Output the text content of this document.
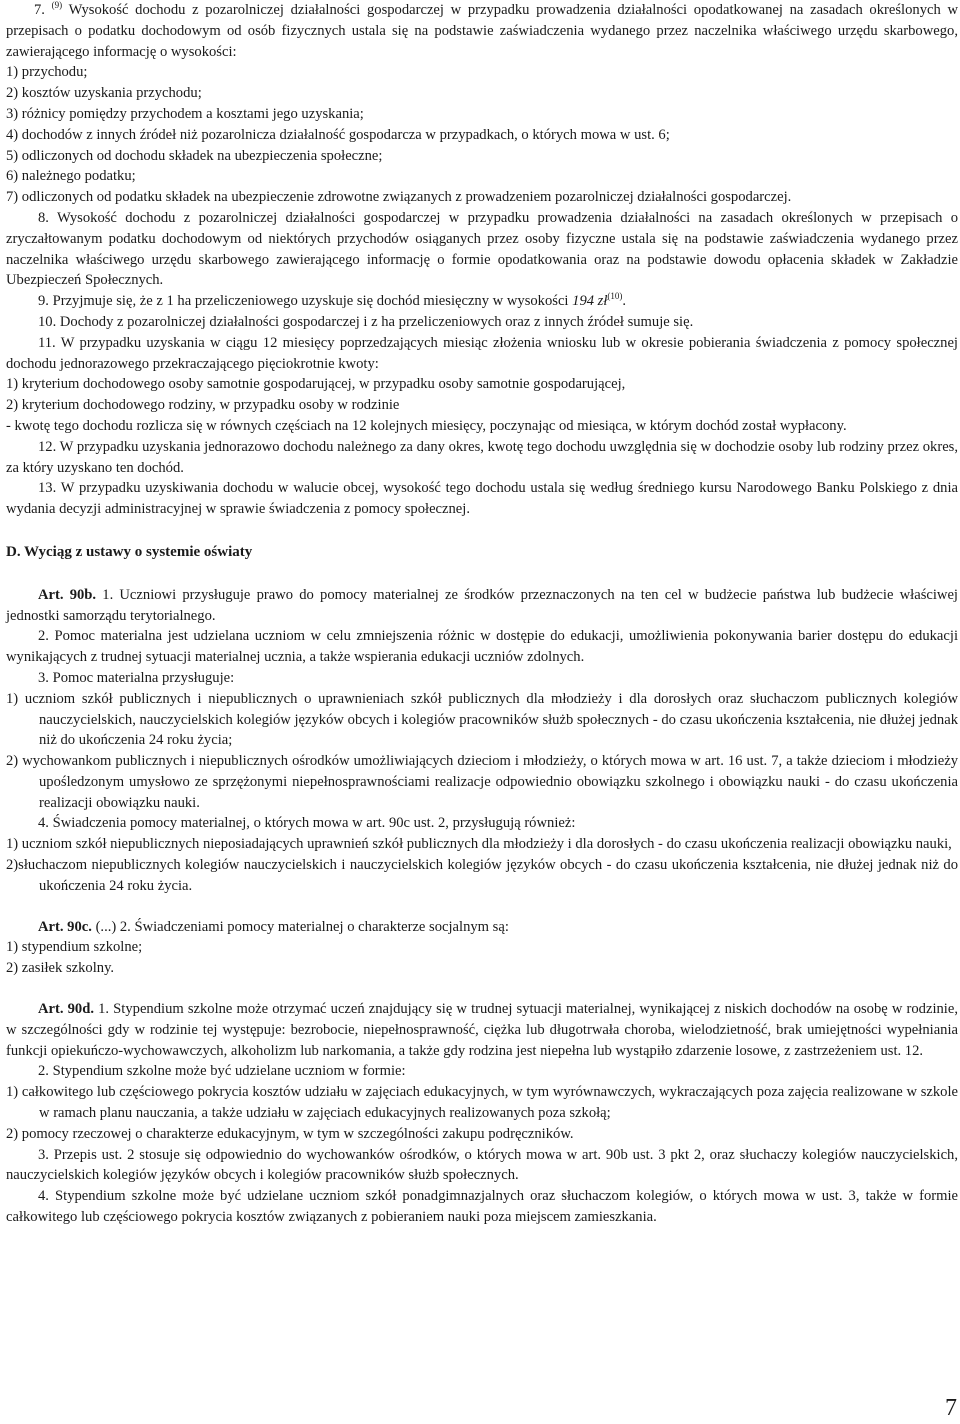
7. $^{(9)}$ Wysokość dochodu z pozarolniczej działalności gospodarczej w przypadku prowadzenia działalności opodatkowanej na zasadach określonych w przepisach o podatku dochodowym od osób fizycznych ustala się na podstawie zaświadczenia wydanego przez naczelnika właściwego urzędu skarbowego, zawierającego informację o wysokości:

1) przychodu;

2) kosztów uzyskania przychodu;

3) różnicy pomiędzy przychodem a kosztami jego uzyskania;

4) dochodów z innych źródeł niż pozarolnicza działalność gospodarcza w przypadkach, o których mowa w ust. 6;

5) odliczonych od dochodu składek na ubezpieczenia społeczne;

6) należnego podatku;

7) odliczonych od podatku składek na ubezpieczenie zdrowotne związanych z prowadzeniem pozarolniczej działalności gospodarczej.

8. Wysokość dochodu z pozarolniczej działalności gospodarczej w przypadku prowadzenia działalności na zasadach określonych w przepisach o zryczałtowanym podatku dochodowym od niektórych przychodów osiąganych przez osoby fizyczne ustala się na podstawie zaświadczenia wydanego przez naczelnika właściwego urzędu skarbowego zawierającego informację o formie opodatkowania oraz na podstawie dowodu opłacenia składek w Zakładzie Ubezpieczeń Społecznych.

9. Przyjmuje się, że z 1 ha przeliczeniowego uzyskuje się dochód miesięczny w wysokości 194 $zł^{(10)}$.

10. Dochody z pozarolniczej działalności gospodarczej i z ha przeliczeniowych oraz z innych źródeł sumuje się.

11. W przypadku uzyskania w ciągu 12 miesięcy poprzedzających miesiąc złożenia wniosku lub w okresie pobierania świadczenia z pomocy społecznej dochodu jednorazowego przekraczającego pięciokrotnie kwoty:

1) kryterium dochodowego osoby samotnie gospodarującej, w przypadku osoby samotnie gospodarującej,

2) kryterium dochodowego rodziny, w przypadku osoby w rodzinie

- kwotę tego dochodu rozlicza się w równych częściach na 12 kolejnych miesięcy, poczynając od miesiąca, w którym dochód został wypłacony.

12. W przypadku uzyskania jednorazowo dochodu należnego za dany okres, kwotę tego dochodu uwzględnia się w dochodzie osoby lub rodziny przez okres, za który uzyskano ten dochód.

13. W przypadku uzyskiwania dochodu w walucie obcej, wysokość tego dochodu ustala się według średniego kursu Narodowego Banku Polskiego z dnia wydania decyzji administracyjnej w sprawie świadczenia z pomocy społecznej.

D. Wyciąg z ustawy o systemie oświaty

Art. 90b. 1. Uczniowi przysługuje prawo do pomocy materialnej ze środków przeznaczonych na ten cel w budżecie państwa lub budżecie właściwej jednostki samorządu terytorialnego.

2. Pomoc materialna jest udzielana uczniom w celu zmniejszenia różnic w dostępie do edukacji, umożliwienia pokonywania barier dostępu do edukacji wynikających z trudnej sytuacji materialnej ucznia, a także wspierania edukacji uczniów zdolnych.

3. Pomoc materialna przysługuje:

1) uczniom szkół publicznych i niepublicznych o uprawnieniach szkół publicznych dla młodzieży i dla dorosłych oraz słuchaczom publicznych kolegiów nauczycielskich, nauczycielskich kolegiów języków obcych i kolegiów pracowników służb społecznych - do czasu ukończenia kształcenia, nie dłużej jednak niż do ukończenia 24 roku życia;

2) wychowankom publicznych i niepublicznych ośrodków umożliwiających dzieciom i młodzieży, o których mowa w art. 16 ust. 7, a także dzieciom i młodzieży upośledzonym umysłowo ze sprzężonymi niepełnosprawnościami realizacje odpowiednio obowiązku szkolnego i obowiązku nauki - do czasu ukończenia realizacji obowiązku nauki.

4. Świadczenia pomocy materialnej, o których mowa w art. 90c ust. 2, przysługują również:

1) uczniom szkół niepublicznych nieposiadających uprawnień szkół publicznych dla młodzieży i dla dorosłych - do czasu ukończenia realizacji obowiązku nauki,

2)słuchaczom niepublicznych kolegiów nauczycielskich i nauczycielskich kolegiów języków obcych - do czasu ukończenia kształcenia, nie dłużej jednak niż do ukończenia 24 roku życia.

Art. 90c. (...) 2. Świadczeniami pomocy materialnej o charakterze socjalnym są:

1) stypendium szkolne;

2) zasiłek szkolny.

Art. 90d. 1. Stypendium szkolne może otrzymać uczeń znajdujący się w trudnej sytuacji materialnej, wynikającej z niskich dochodów na osobę w rodzinie, w szczególności gdy w rodzinie tej występuje: bezrobocie, niepełnosprawność, ciężka lub długotrwała choroba, wielodzietność, brak umiejętności wypełniania funkcji opiekuńczo-wychowawczych, alkoholizm lub narkomania, a także gdy rodzina jest niepełna lub wystąpiło zdarzenie losowe, z zastrzeżeniem ust. 12.

2. Stypendium szkolne może być udzielane uczniom w formie:

1) całkowitego lub częściowego pokrycia kosztów udziału w zajęciach edukacyjnych, w tym wyrównawczych, wykraczających poza zajęcia realizowane w szkole w ramach planu nauczania, a także udziału w zajęciach edukacyjnych realizowanych poza szkołą;

2) pomocy rzeczowej o charakterze edukacyjnym, w tym w szczególności zakupu podręczników.

3. Przepis ust. 2 stosuje się odpowiednio do wychowanków ośrodków, o których mowa w art. 90b ust. 3 pkt 2, oraz słuchaczy kolegiów nauczycielskich, nauczycielskich kolegiów języków obcych i kolegiów pracowników służb społecznych.

4. Stypendium szkolne może być udzielane uczniom szkół ponadgimnazjalnych oraz słuchaczom kolegiów, o których mowa w ust. 3, także w formie całkowitego lub częściowego pokrycia kosztów związanych z pobieraniem nauki poza miejscem zamieszkania.

7
